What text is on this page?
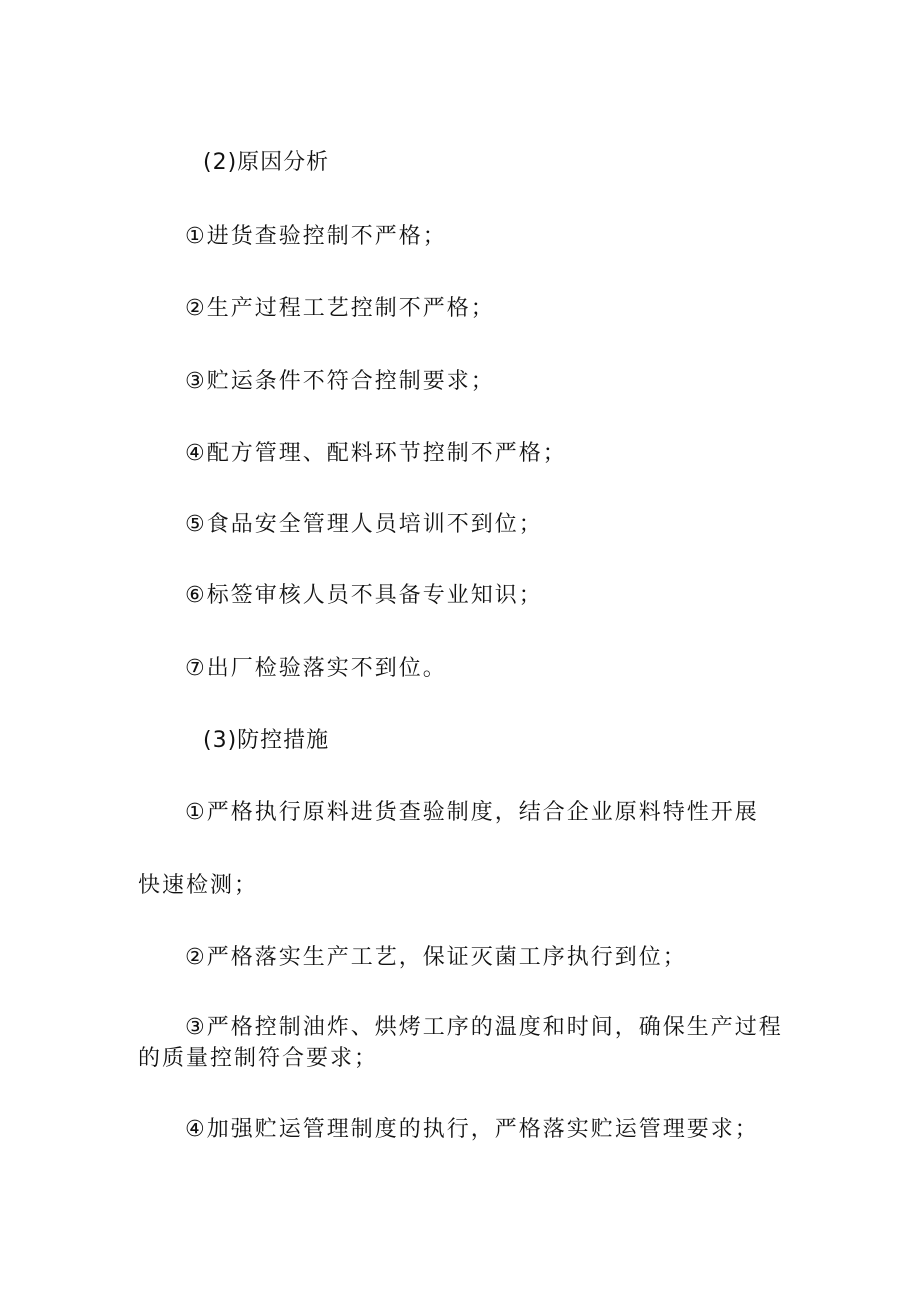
(2)原因分析
①进货查验控制不严格；
②生产过程工艺控制不严格；
③贮运条件不符合控制要求；
④配方管理、配料环节控制不严格；
⑤食品安全管理人员培训不到位；
⑥标签审核人员不具备专业知识；
⑦出厂检验落实不到位。
(3)防控措施
①严格执行原料进货查验制度，结合企业原料特性开展
快速检测；
②严格落实生产工艺，保证灭菌工序执行到位；
③严格控制油炸、烘烤工序的温度和时间，确保生产过程
的质量控制符合要求；
④加强贮运管理制度的执行，严格落实贮运管理要求；
